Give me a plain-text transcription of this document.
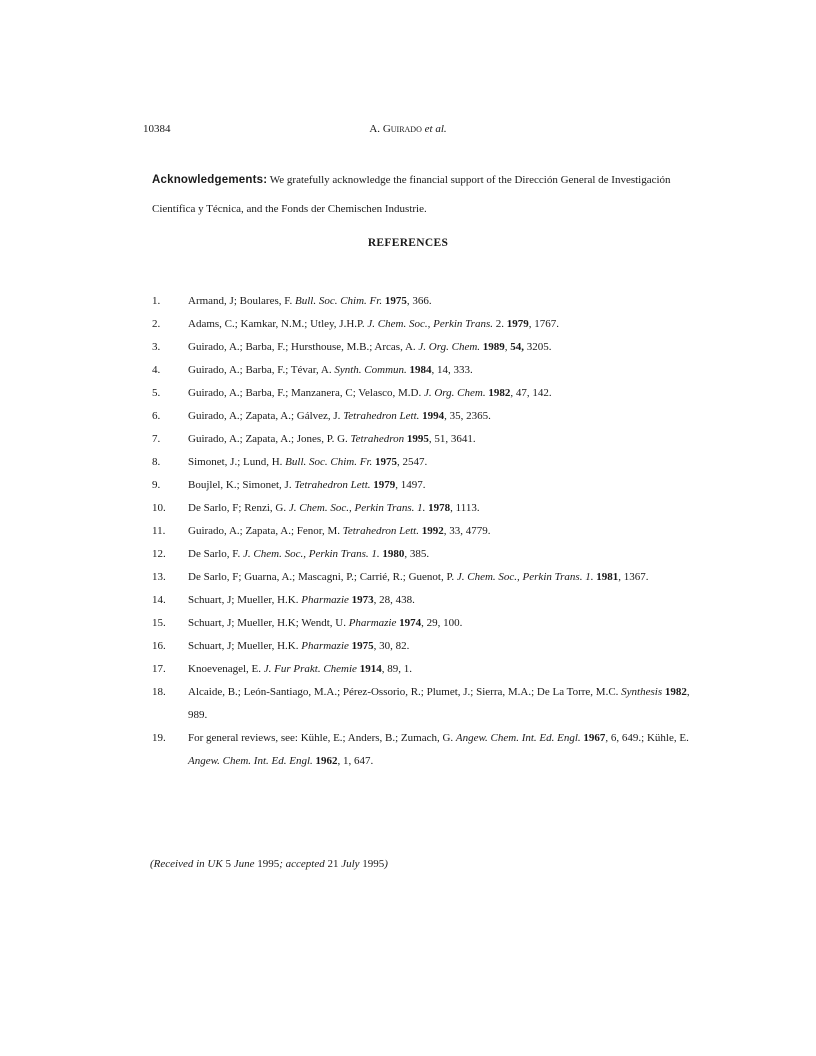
10384	A. Guirado et al.
Acknowledgements: We gratefully acknowledge the financial support of the Dirección General de Investigación Científica y Técnica, and the Fonds der Chemischen Industrie.
REFERENCES
1.	Armand, J; Boulares, F. Bull. Soc. Chim. Fr. 1975, 366.
2.	Adams, C.; Kamkar, N.M.; Utley, J.H.P. J. Chem. Soc., Perkin Trans. 2. 1979, 1767.
3.	Guirado, A.; Barba, F.; Hursthouse, M.B.; Arcas, A. J. Org. Chem. 1989, 54, 3205.
4.	Guirado, A.; Barba, F.; Tévar, A. Synth. Commun. 1984, 14, 333.
5.	Guirado, A.; Barba, F.; Manzanera, C; Velasco, M.D. J. Org. Chem. 1982, 47, 142.
6.	Guirado, A.; Zapata, A.; Gálvez, J. Tetrahedron Lett. 1994, 35, 2365.
7.	Guirado, A.; Zapata, A.; Jones, P. G. Tetrahedron 1995, 51, 3641.
8.	Simonet, J.; Lund, H. Bull. Soc. Chim. Fr. 1975, 2547.
9.	Boujlel, K.; Simonet, J. Tetrahedron Lett. 1979, 1497.
10. De Sarlo, F; Renzi, G. J. Chem. Soc., Perkin Trans. 1. 1978, 1113.
11. Guirado, A.; Zapata, A.; Fenor, M. Tetrahedron Lett. 1992, 33, 4779.
12. De Sarlo, F. J. Chem. Soc., Perkin Trans. 1. 1980, 385.
13. De Sarlo, F; Guarna, A.; Mascagni, P.; Carrié, R.; Guenot, P. J. Chem. Soc., Perkin Trans. 1. 1981, 1367.
14. Schuart, J; Mueller, H.K. Pharmazie 1973, 28, 438.
15. Schuart, J; Mueller, H.K; Wendt, U. Pharmazie 1974, 29, 100.
16. Schuart, J; Mueller, H.K. Pharmazie 1975, 30, 82.
17. Knoevenagel, E. J. Fur Prakt. Chemie 1914, 89, 1.
18. Alcaide, B.; León-Santiago, M.A.; Pérez-Ossorio, R.; Plumet, J.; Sierra, M.A.; De La Torre, M.C. Synthesis 1982, 989.
19. For general reviews, see: Kühle, E.; Anders, B.; Zumach, G. Angew. Chem. Int. Ed. Engl. 1967, 6, 649.; Kühle, E. Angew. Chem. Int. Ed. Engl. 1962, 1, 647.
(Received in UK 5 June 1995; accepted 21 July 1995)
